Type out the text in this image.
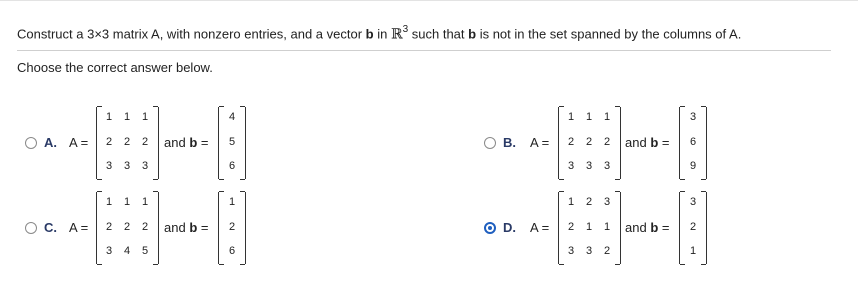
Construct a 3×3 matrix A, with nonzero entries, and a vector b in ℝ$^3$ such that b is not in the set spanned by the columns of A.
Choose the correct answer below.
A. A =
1	1	1
2	2	2
3	3	3
and b =
4
5
6
B. A =
1	1	1
2	2	2
3	3	3
and b =
3
6
9
C. A =
1	1	1
2	2	2
3	4	5
and b =
1
2
6
D. A =
1	2	3
2	1	1
3	3	2
and b =
3
2
1
